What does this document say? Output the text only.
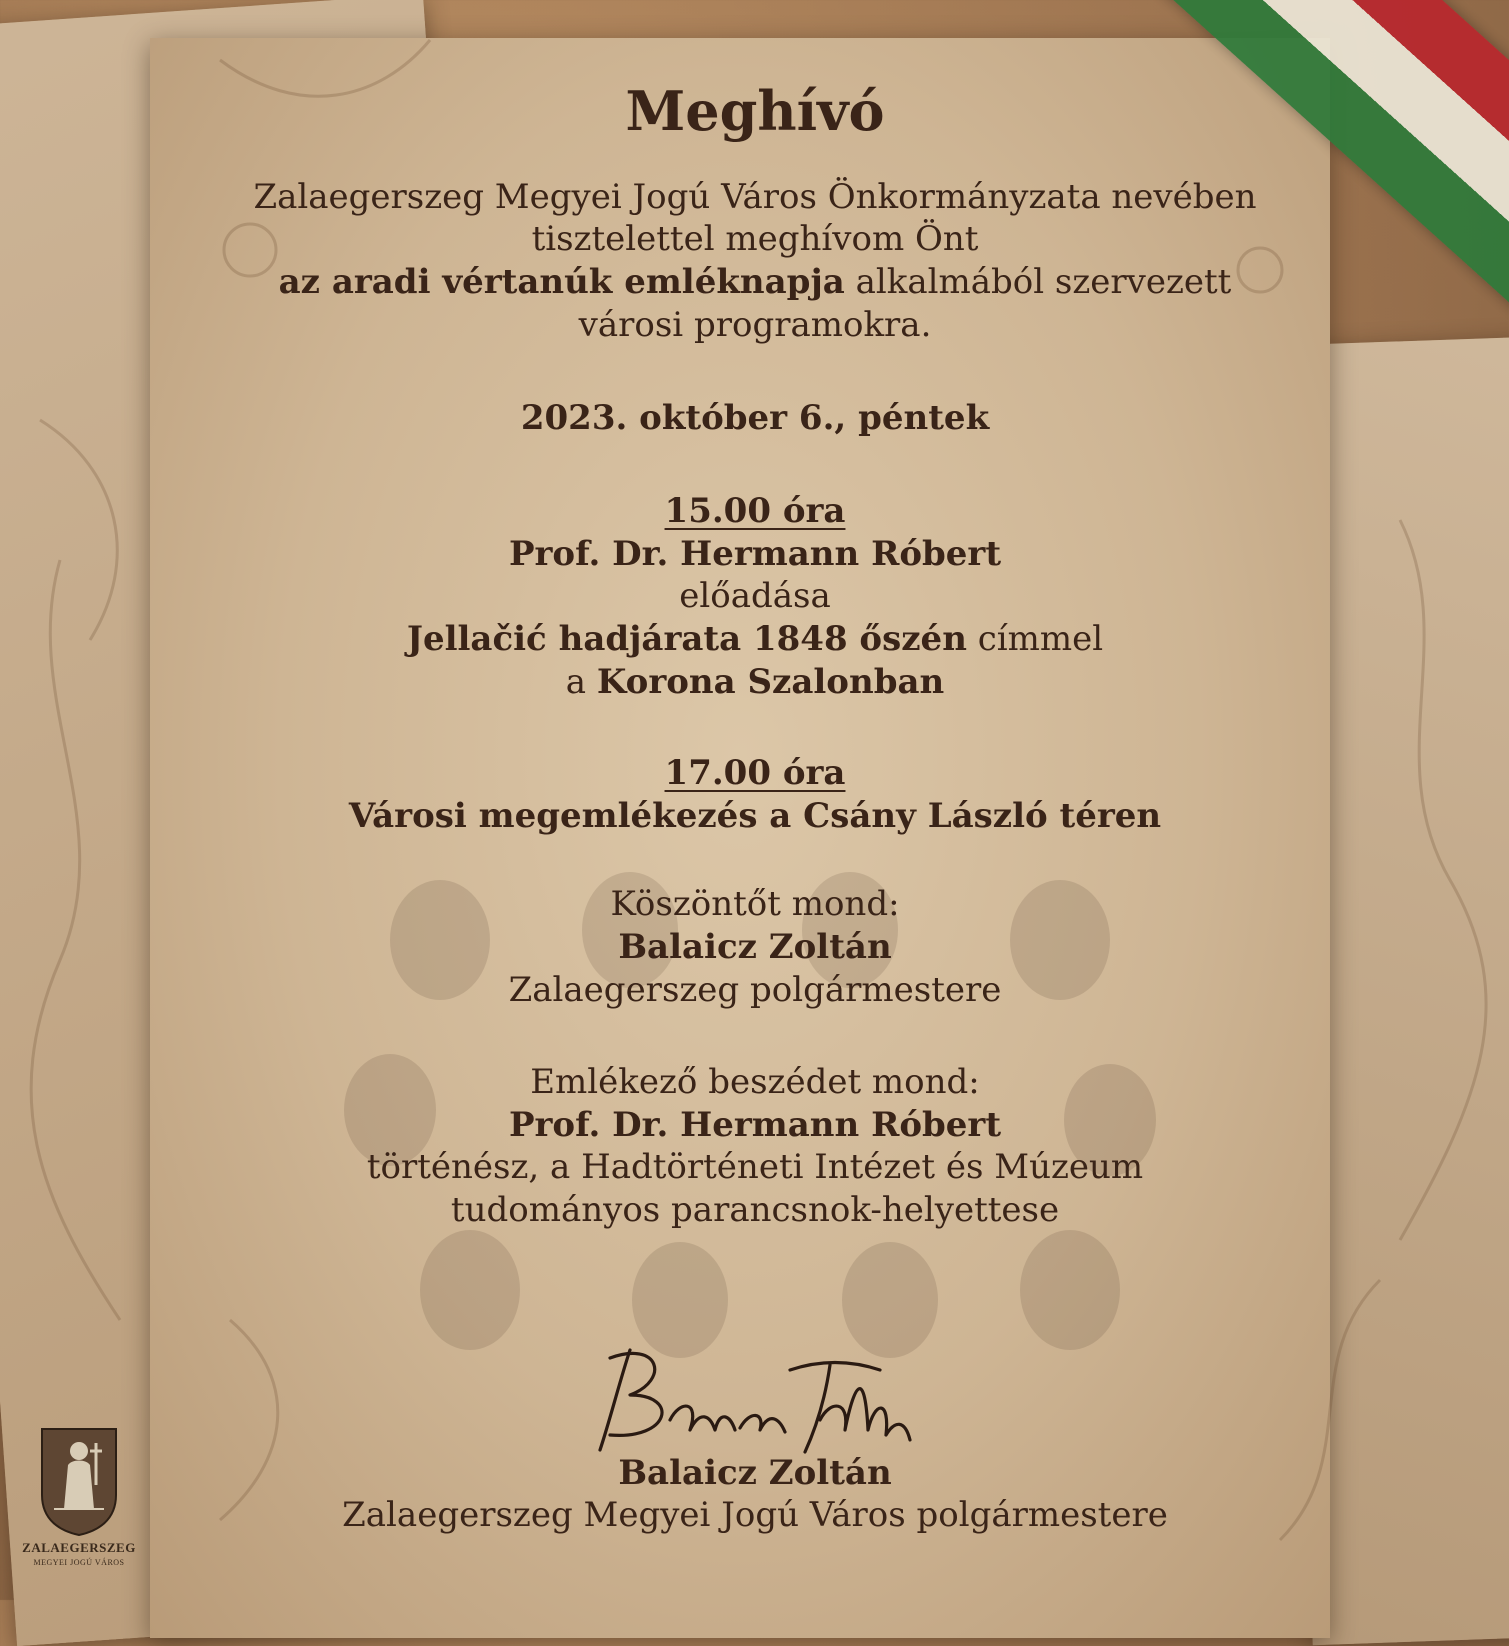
Meghívó
Zalaegerszeg Megyei Jogú Város Önkormányzata nevében
tisztelettel meghívom Önt
az aradi vértanúk emléknapja alkalmából szervezett
városi programokra.
2023. október 6., péntek
15.00 óra
Prof. Dr. Hermann Róbert
előadása
Jellačić hadjárata 1848 őszén címmel
a Korona Szalonban
17.00 óra
Városi megemlékezés a Csány László téren
Köszöntőt mond:
Balaicz Zoltán
Zalaegerszeg polgármestere
Emlékező beszédet mond:
Prof. Dr. Hermann Róbert
történész, a Hadtörténeti Intézet és Múzeum
tudományos parancsnok-helyettese
Balaicz Zoltán
Zalaegerszeg Megyei Jogú Város polgármestere
ZALAEGERSZEG
MEGYEI JOGÚ VÁROS
